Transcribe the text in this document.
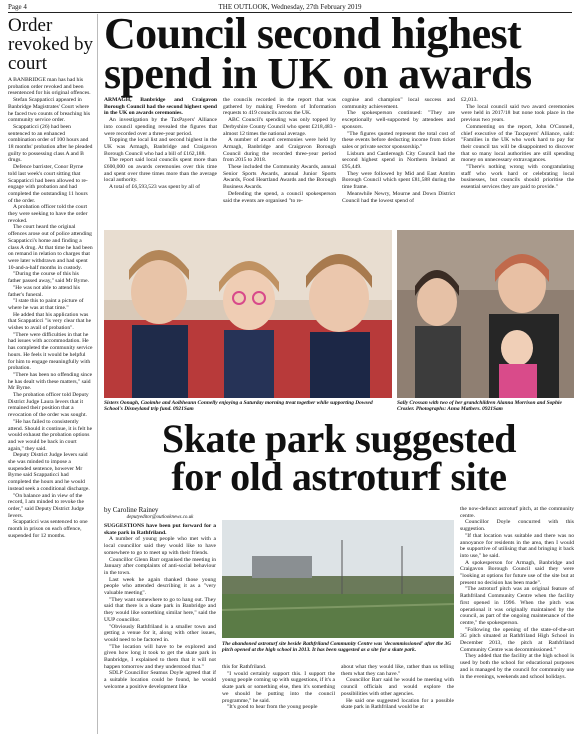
Page 4	THE OUTLOOK, Wednesday, 27th February 2019
Order revoked by court

A BANBRIDGE man has had his probation order revoked and been resentenced for his original offences.

Stefan Scappaticci appeared in Banbridge Magistrates' Court where he faced two counts of breaching his community service order.

Scappaticci (26) had been sentenced to an enhanced combination order of 100 hours and 18 months' probation after he pleaded guilty to possessing class A and B drugs.

Defence barrister, Conor Byrne told last week's court sitting that Scappaticci had been allowed to re-engage with probation and had completed the outstanding 11 hours of the order.

A probation officer told the court they were seeking to have the order revoked.

The court heard the original offences arose out of police attending Scappaticci's home and finding a class A drug. At that time he had been on remand in relation to charges that were later withdrawn and had spent 10-and-a-half months in custody.

"During the course of this his father passed away," said Mr Byrne.

"He was not able to attend his father's funeral.

"I state this to paint a picture of where he was at that time."

He added that his application was that Scappaticci "is very clear that he wishes to avail of probation".

"There were difficulties in that he had issues with accommodation. He has completed the community service hours. He feels it would be helpful for him to engage meaningfully with probation.

"There has been no offending since he has dealt with these matters," said Mr Byrne.

The probation officer told Deputy District Judge Laura Ievers that it remained their position that a revocation of the order was sought.

"He has failed to consistently attend. Should it continue, it is felt he would exhaust the probation options and we would be back in court again," they said.

Deputy District Judge Ievers said she was minded to impose a suspended sentence, however Mr Byrne said Scappaticci had completed the hours and he would instead seek a conditional discharge.

"On balance and in view of the record, I am minded to revoke the order," said Deputy District Judge Ievers.

Scappaticci was sentenced to one month in prison on each offence, suspended for 12 months.

Council second highest
spend in UK on awards

ARMAGH, Banbridge and Craigavon Borough Council had the second highest spend in the UK on awards ceremonies.

An investigation by the TaxPayers' Alliance into council spending revealed the figures that were recorded over a three-year period.

Topping the local list and second highest in the UK was Armagh, Banbridge and Craigavon Borough Council who had a bill of £162,188.

The report said local councils spent more than £600,000 on awards ceremonies over this time and spent over three times more than the average local authority.

A total of £6,593,523 was spent by all of

the councils recorded in the report that was gathered by making Freedom of Information requests to 419 councils across the UK.

ABC Council's spending was only topped by Derbyshire County Council who spent £218,483 - almost 12 times the national average.

A number of award ceremonies were held by Armagh, Banbridge and Craigavon Borough Council during the recorded three-year period from 2015 to 2018.

These included the Community Awards, annual Senior Sports Awards, annual Junior Sports Awards, Food Heartland Awards and the Borough Business Awards.

Defending the spend, a council spokesperson said the events are organised "to re-

cognise and champion" local success and community achievement.

The spokesperson continued: "They are exceptionally well-supported by attendees and sponsors.

"The figures quoted represent the total cost of these events before deducting income from ticket sales or private sector sponsorship."

Lisburn and Castlereagh City Council had the second highest spend in Northern Ireland at £95,449.

They were followed by Mid and East Antrim Borough Council which spent £81,588 during the time frame.

Meanwhile Newry, Mourne and Down District Council had the lowest spend of

£2,013.

The local council said two award ceremonies were held in 2017/18 but none took place in the previous two years.

Commenting on the report, John O'Connell, chief executive of the Taxpayers' Alliance, said: "Families in the UK who work hard to pay for their council tax will be disappointed to discover that so many local authorities are still spending money on unnecessary extravagances.

"There's nothing wrong with congratulating staff who work hard or celebrating local businesses, but councils should prioritise the essential services they are paid to provide."

Sisters Oonagh, Caoimhe and Aoibheann Connelly enjoying a Saturday morning treat together while supporting Dowsed School's Disneyland trip fund. 0921Sam
Sally Crossan with two of her grandchildren Alanna Morrison and Sophie Crozier. Photographs: Anna Mathers. 0921Sam
Skate park suggested
for old astroturf site
by Caroline Rainey
deputyeditor@outlooknews.co.uk

SUGGESTIONS have been put forward for a skate park in Rathfriland.

A number of young people who met with a local councillor said they would like to have somewhere to go to meet up with their friends.

Councillor Glenn Barr organised the meeting in January after complaints of anti-social behaviour in the town.

Last week he again thanked those young people who attended describing it as a "very valuable meeting".

"They want somewhere to go to hang out. They said that there is a skate park in Banbridge and they would like something similar here," said the UUP councillor.

"Obviously Rathfriland is a smaller town and getting a venue for it, along with other issues, would need to be factored in.

"The location will have to be explored and given how long it took to get the skate park in Banbridge, I explained to them that it will not happen tomorrow and they understood that."

SDLP Councillor Seamus Doyle agreed that if a suitable location could be found, he would welcome a positive development like

The abandoned astroturf site beside Rathfriland Community Centre was 'decommissioned' after the 3G pitch opened at the high school in 2013. It has been suggested as a site for a skate park.

this for Rathfriland.

"I would certainly support this. I support the young people coming up with suggestions, if it's a skate park or something else, then it's something we should be putting into the council programme," he said.

"It's good to hear from the young people

about what they would like, rather than us telling them what they can have."

Councillor Barr said he would be meeting with council officials and would explore the possibilities with other agencies.

He said one suggested location for a possible skate park in Rathfriland would be at

the now-defunct astroturf pitch, at the community centre.

Councillor Doyle concurred with this suggestion.

"If that location was suitable and there was no annoyance for residents in the area, then I would be supportive of utilising that and bringing it back into use," he said.

A spokesperson for Armagh, Banbridge and Craigavon Borough Council said they were "looking at options for future use of the site but at present no decision has been made".

"The astroturf pitch was an original feature of Rathfriland Community Centre when the facility first opened in 1996. When the pitch was operational it was originally maintained by the council, as part of the ongoing maintenance of the centre," the spokesperson.

"Following the opening of the state-of-the-art 3G pitch situated at Rathfriland High School in December 2013, the pitch at Rathfriland Community Centre was decommissioned."

They added that the facility at the high school is used by both the school for educational purposes and is managed by the council for community use in the evenings, weekends and school holidays.
